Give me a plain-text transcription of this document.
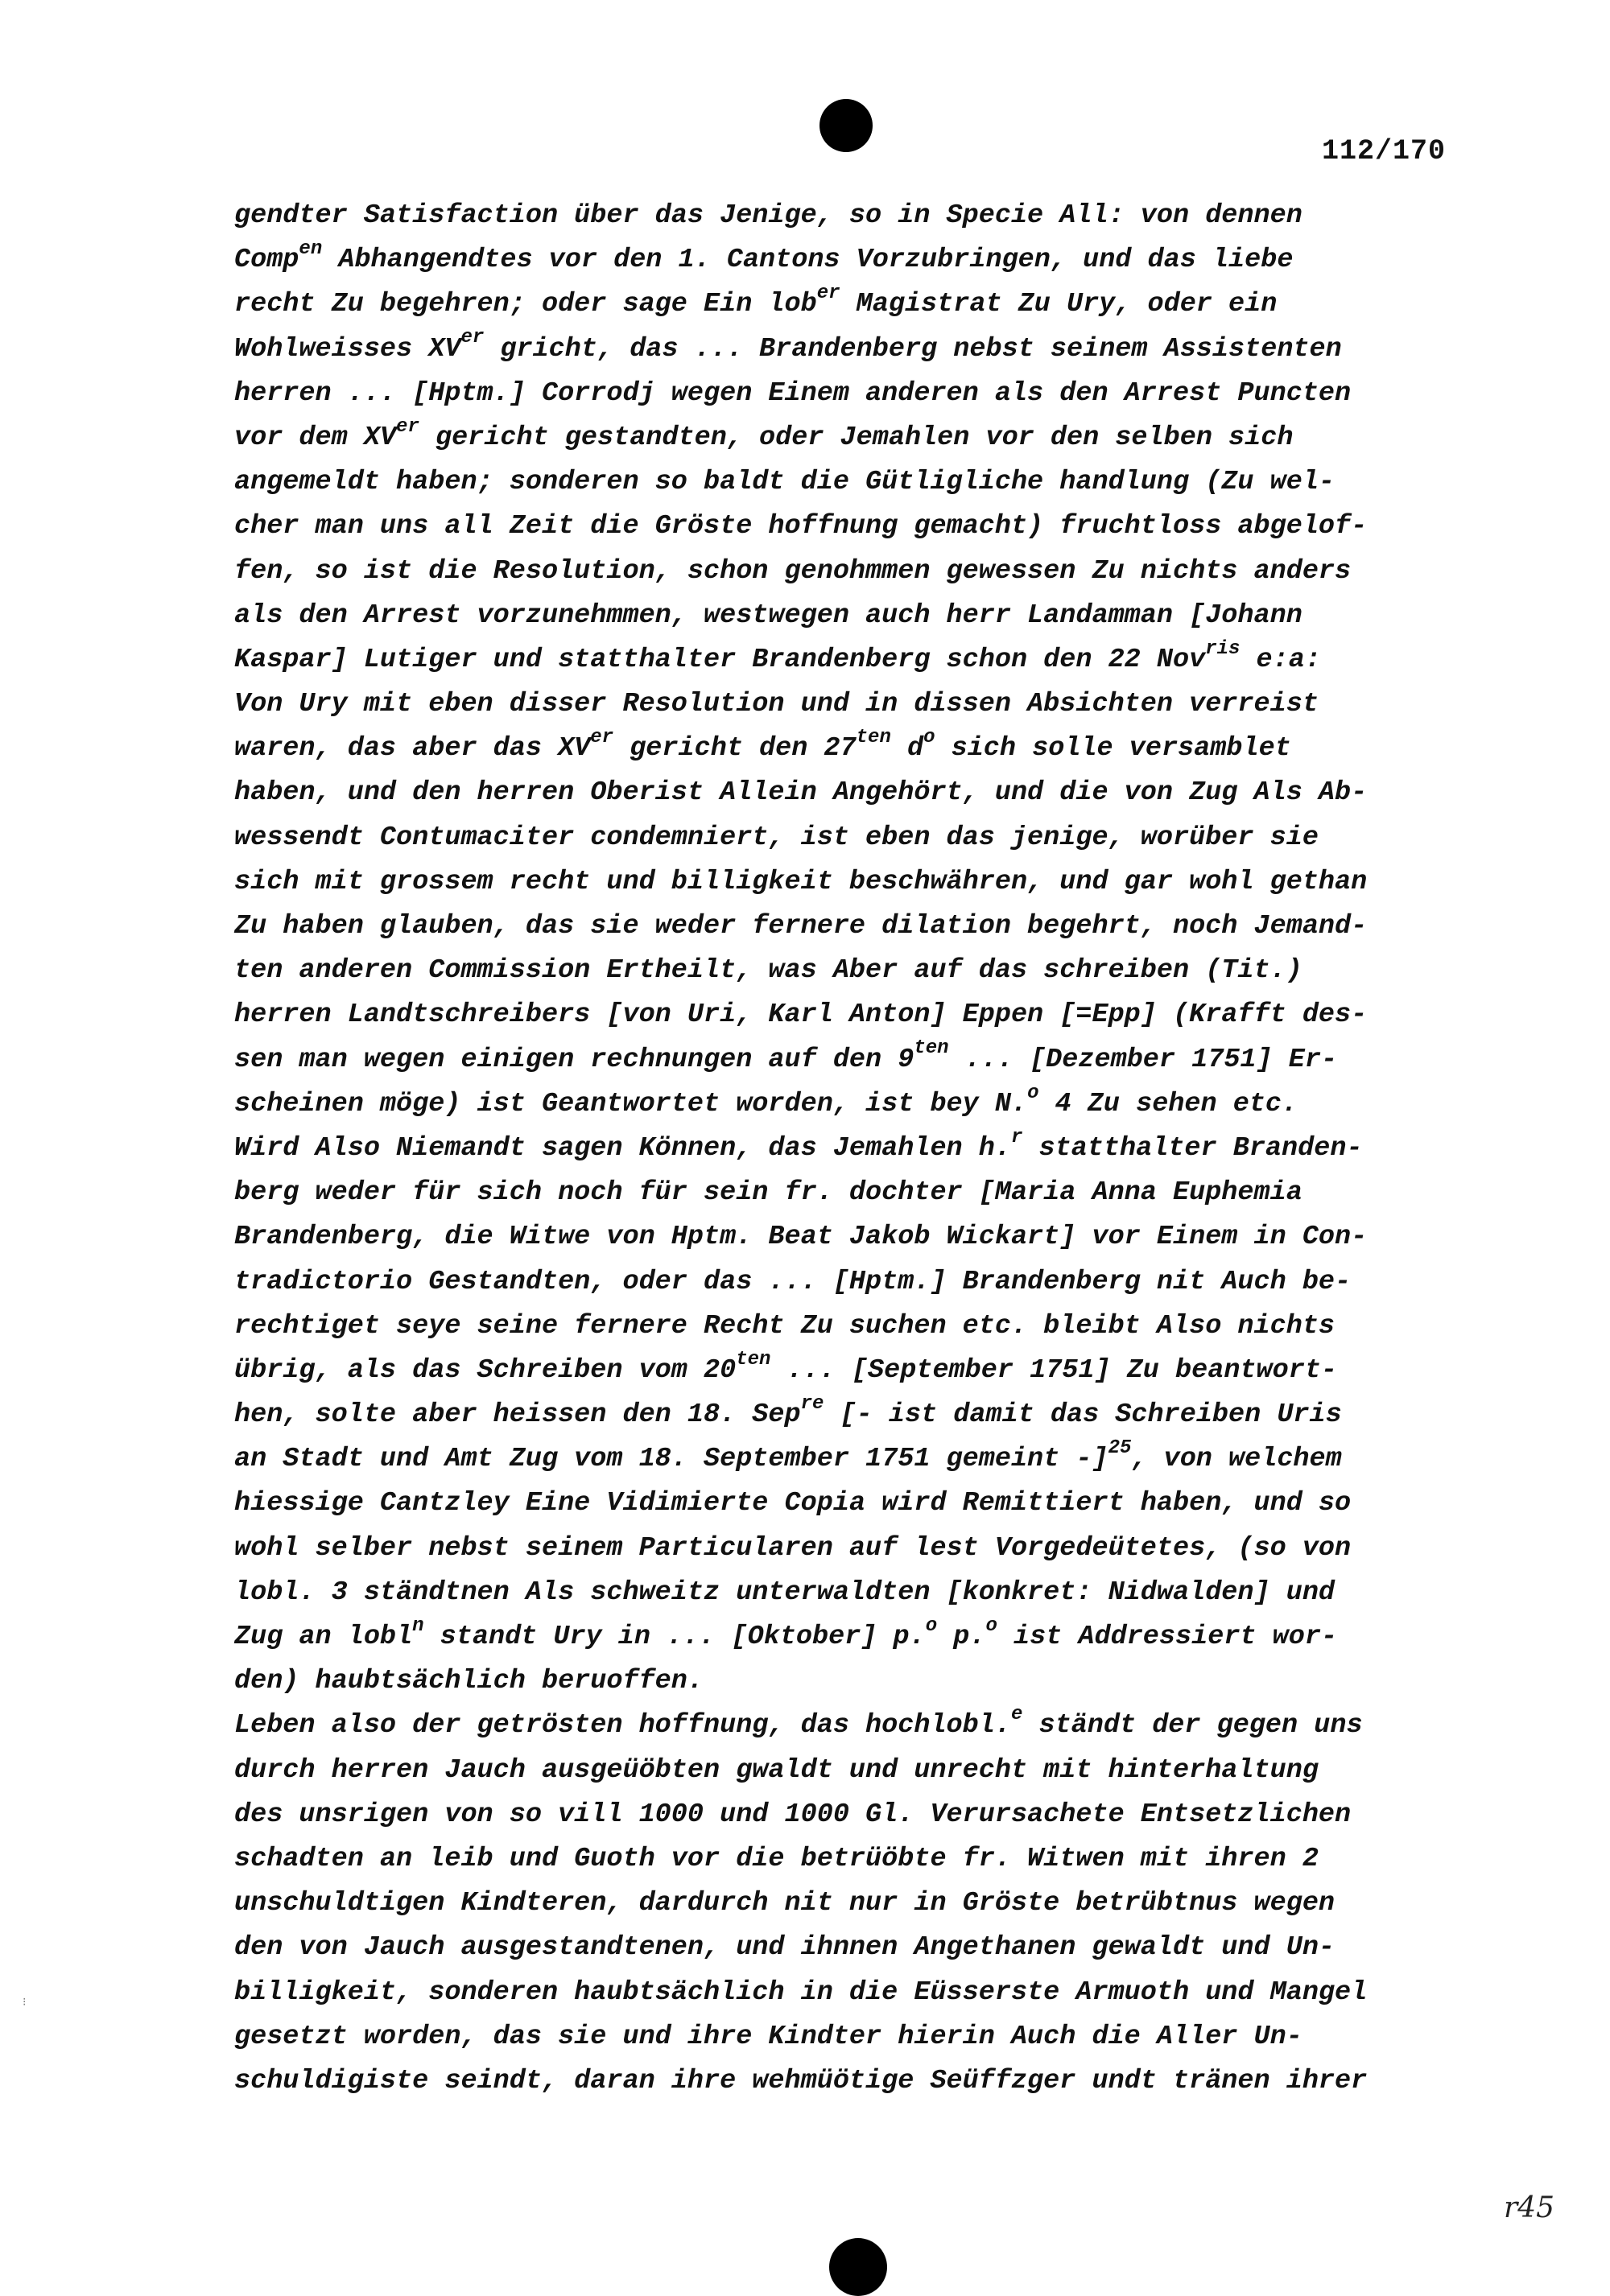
112/170
gendter Satisfaction über das Jenige, so in Specie All: von dennen
Comp$^{en}$ Abhangendtes vor den 1. Cantons Vorzubringen, und das liebe
recht Zu begehren; oder sage Ein lob$^{er}$ Magistrat Zu Ury, oder ein
Wohlweisses XVer gricht, das ... Brandenberg nebst seinem Assistenten
herren ... [Hptm.] Corrodj wegen Einem anderen als den Arrest Puncten
vor dem XVer gericht gestandten, oder Jemahlen vor den selben sich
angemeldt haben; sonderen so baldt die Gütligliche handlung (Zu wel-
cher man uns all Zeit die Gröste hoffnung gemacht) fruchtloss abgelof-
fen, so ist die Resolution, schon genohmmen gewessen Zu nichts anders
als den Arrest vorzunehmmen, westwegen auch herr Landamman [Johann
Kaspar] Lutiger und statthalter Brandenberg schon den 22 Nov$^{ris}$ e:a:
Von Ury mit eben disser Resolution und in dissen Absichten verreist
waren, das aber das XVer gericht den $27^{ten}$ $d^o$ sich solle versamblet
haben, und den herren Oberist Allein Angehört, und die von Zug Als Ab-
wessendt Contumaciter condemniert, ist eben das jenige, worüber sie
sich mit grossem recht und billigkeit beschwähren, und gar wohl gethan
Zu haben glauben, das sie weder fernere dilation begehrt, noch Jemand-
ten anderen Commission Ertheilt, was Aber auf das schreiben (Tit.)
herren Landtschreibers [von Uri, Karl Anton] Eppen [=Epp] (Krafft des-
sen man wegen einigen rechnungen auf den $9^{ten}$ ... [Dezember 1751] Er-
scheinen möge) ist Geantwortet worden, ist bey N.$^o$ 4 Zu sehen etc.
Wird Also Niemandt sagen Können, das Jemahlen h.$^r$ statthalter Branden-
berg weder für sich noch für sein fr. dochter [Maria Anna Euphemia
Brandenberg, die Witwe von Hptm. Beat Jakob Wickart] vor Einem in Con-
tradictorio Gestandten, oder das ... [Hptm.] Brandenberg nit Auch be-
rechtiget seye seine fernere Recht Zu suchen etc. bleibt Also nichts
übrig, als das Schreiben vom $20^{ten}$ ... [September 1751] Zu beantwort-
hen, solte aber heissen den 18. Sep$^{re}$ [- ist damit das Schreiben Uris
an Stadt und Amt Zug vom 18. September 1751 gemeint -]$^{25}$, von welchem
hiessige Cantzley Eine Vidimierte Copia wird Remittiert haben, und so
wohl selber nebst seinem Particularen auf lest Vorgedeütetes, (so von
lobl. 3 ständtnen Als schweitz unterwaldten [konkret: Nidwalden] und
Zug an lobl$^n$ standt Ury in ... [Oktober] p.$^o$ p.$^o$ ist Addressiert wor-
den) haubtsächlich beruoffen.
Leben also der getrösten hoffnung, das hochlobl.$^e$ ständt der gegen uns
durch herren Jauch ausgeüöbten gwaldt und unrecht mit hinterhaltung
des unsrigen von so vill 1000 und 1000 Gl. Verursachete Entsetzlichen
schadten an leib und Guoth vor die betrüöbte fr. Witwen mit ihren 2
unschuldtigen Kindteren, dardurch nit nur in Gröste betrübtnus wegen
den von Jauch ausgestandtenen, und ihnnen Angethanen gewaldt und Un-
billigkeit, sonderen haubtsächlich in die Eüsserste Armuoth und Mangel
gesetzt worden, das sie und ihre Kindter hierin Auch die Aller Un-
schuldigiste seindt, daran ihre wehmüötige Seüffzger undt tränen ihrer
⁝
r45
